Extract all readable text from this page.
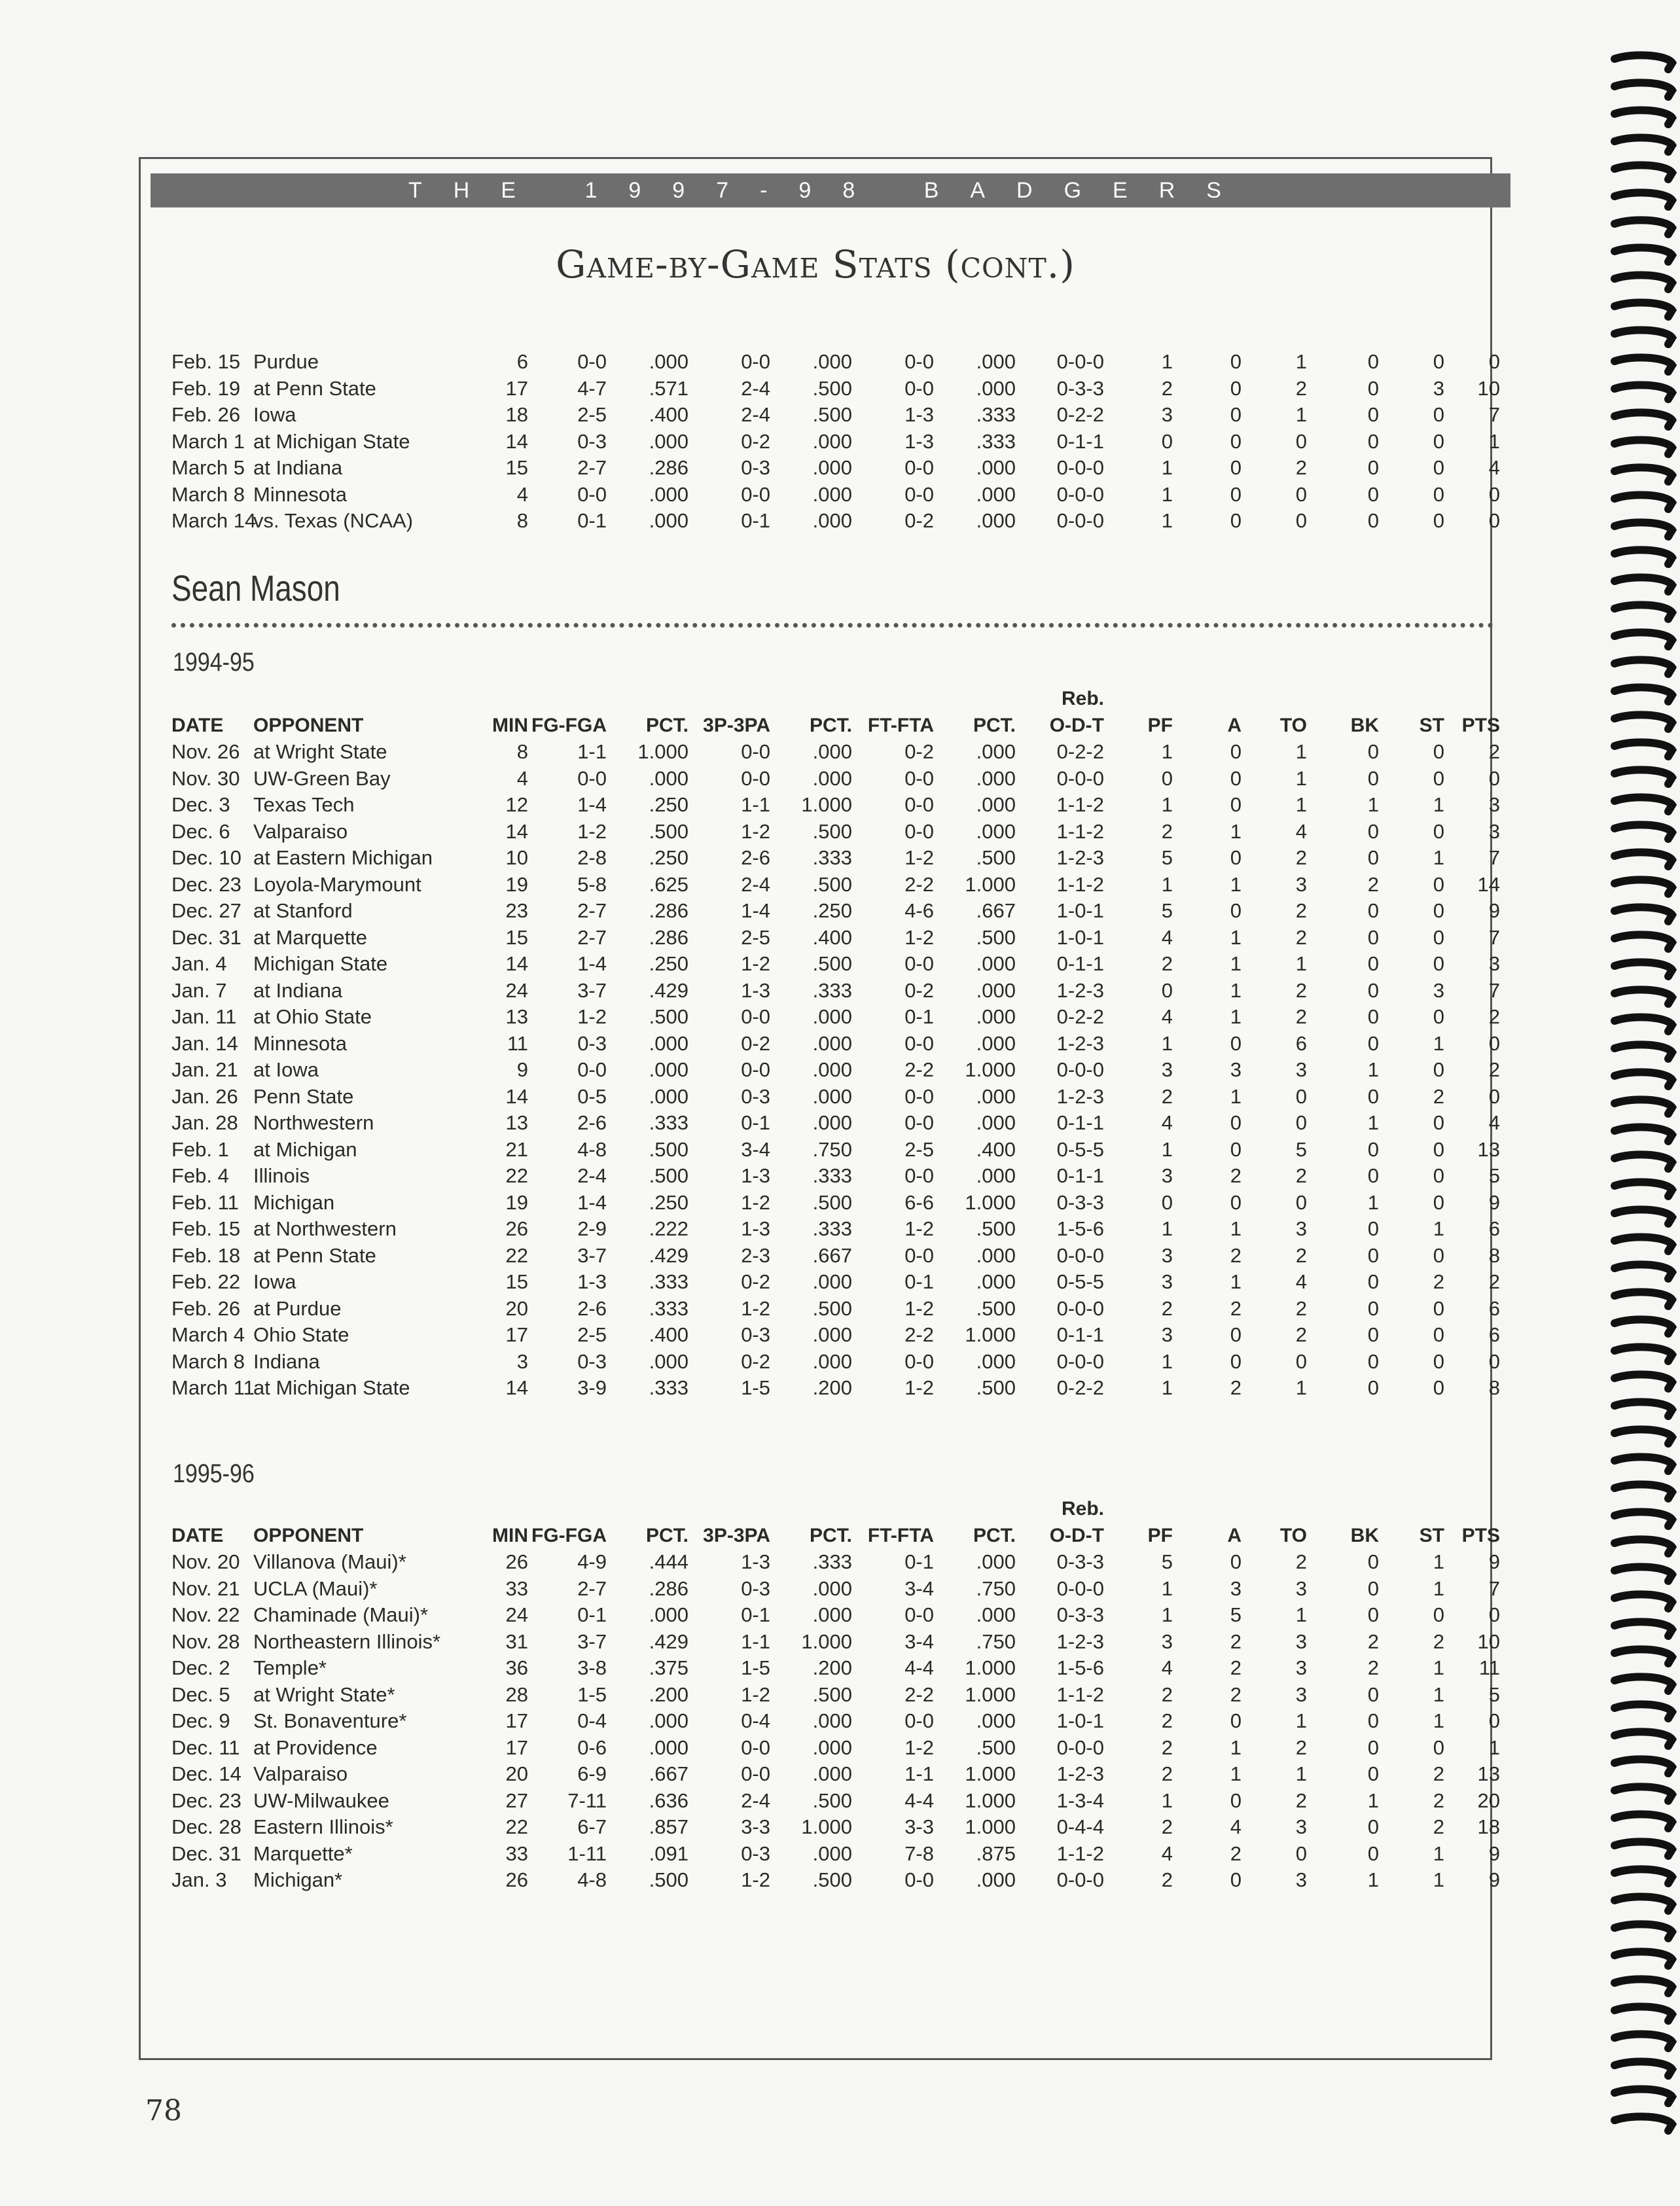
THE 1997-98 BADGERS
Game-by-Game Stats (cont.)
Feb. 15	Purdue	6	0-0	.000	0-0	.000	0-0	.000	0-0-0	1	0	1	0	0	0
Feb. 19	at Penn State	17	4-7	.571	2-4	.500	0-0	.000	0-3-3	2	0	2	0	3	10
Feb. 26	Iowa	18	2-5	.400	2-4	.500	1-3	.333	0-2-2	3	0	1	0	0	7
March 1	at Michigan State	14	0-3	.000	0-2	.000	1-3	.333	0-1-1	0	0	0	0	0	1
March 5	at Indiana	15	2-7	.286	0-3	.000	0-0	.000	0-0-0	1	0	2	0	0	4
March 8	Minnesota	4	0-0	.000	0-0	.000	0-0	.000	0-0-0	1	0	0	0	0	0
March 14	vs. Texas (NCAA)	8	0-1	.000	0-1	.000	0-2	.000	0-0-0	1	0	0	0	0	0
Sean Mason
1994-95
									Reb.						
DATE	OPPONENT	MIN	FG-FGA	PCT.	3P-3PA	PCT.	FT-FTA	PCT.	O-D-T	PF	A	TO	BK	ST	PTS
Nov. 26	at Wright State	8	1-1	1.000	0-0	.000	0-2	.000	0-2-2	1	0	1	0	0	2
Nov. 30	UW-Green Bay	4	0-0	.000	0-0	.000	0-0	.000	0-0-0	0	0	1	0	0	0
Dec. 3	Texas Tech	12	1-4	.250	1-1	1.000	0-0	.000	1-1-2	1	0	1	1	1	3
Dec. 6	Valparaiso	14	1-2	.500	1-2	.500	0-0	.000	1-1-2	2	1	4	0	0	3
Dec. 10	at Eastern Michigan	10	2-8	.250	2-6	.333	1-2	.500	1-2-3	5	0	2	0	1	7
Dec. 23	Loyola-Marymount	19	5-8	.625	2-4	.500	2-2	1.000	1-1-2	1	1	3	2	0	14
Dec. 27	at Stanford	23	2-7	.286	1-4	.250	4-6	.667	1-0-1	5	0	2	0	0	9
Dec. 31	at Marquette	15	2-7	.286	2-5	.400	1-2	.500	1-0-1	4	1	2	0	0	7
Jan. 4	Michigan State	14	1-4	.250	1-2	.500	0-0	.000	0-1-1	2	1	1	0	0	3
Jan. 7	at Indiana	24	3-7	.429	1-3	.333	0-2	.000	1-2-3	0	1	2	0	3	7
Jan. 11	at Ohio State	13	1-2	.500	0-0	.000	0-1	.000	0-2-2	4	1	2	0	0	2
Jan. 14	Minnesota	11	0-3	.000	0-2	.000	0-0	.000	1-2-3	1	0	6	0	1	0
Jan. 21	at Iowa	9	0-0	.000	0-0	.000	2-2	1.000	0-0-0	3	3	3	1	0	2
Jan. 26	Penn State	14	0-5	.000	0-3	.000	0-0	.000	1-2-3	2	1	0	0	2	0
Jan. 28	Northwestern	13	2-6	.333	0-1	.000	0-0	.000	0-1-1	4	0	0	1	0	4
Feb. 1	at Michigan	21	4-8	.500	3-4	.750	2-5	.400	0-5-5	1	0	5	0	0	13
Feb. 4	Illinois	22	2-4	.500	1-3	.333	0-0	.000	0-1-1	3	2	2	0	0	5
Feb. 11	Michigan	19	1-4	.250	1-2	.500	6-6	1.000	0-3-3	0	0	0	1	0	9
Feb. 15	at Northwestern	26	2-9	.222	1-3	.333	1-2	.500	1-5-6	1	1	3	0	1	6
Feb. 18	at Penn State	22	3-7	.429	2-3	.667	0-0	.000	0-0-0	3	2	2	0	0	8
Feb. 22	Iowa	15	1-3	.333	0-2	.000	0-1	.000	0-5-5	3	1	4	0	2	2
Feb. 26	at Purdue	20	2-6	.333	1-2	.500	1-2	.500	0-0-0	2	2	2	0	0	6
March 4	Ohio State	17	2-5	.400	0-3	.000	2-2	1.000	0-1-1	3	0	2	0	0	6
March 8	Indiana	3	0-3	.000	0-2	.000	0-0	.000	0-0-0	1	0	0	0	0	0
March 11	at Michigan State	14	3-9	.333	1-5	.200	1-2	.500	0-2-2	1	2	1	0	0	8
1995-96
									Reb.						
DATE	OPPONENT	MIN	FG-FGA	PCT.	3P-3PA	PCT.	FT-FTA	PCT.	O-D-T	PF	A	TO	BK	ST	PTS
Nov. 20	Villanova (Maui)*	26	4-9	.444	1-3	.333	0-1	.000	0-3-3	5	0	2	0	1	9
Nov. 21	UCLA (Maui)*	33	2-7	.286	0-3	.000	3-4	.750	0-0-0	1	3	3	0	1	7
Nov. 22	Chaminade (Maui)*	24	0-1	.000	0-1	.000	0-0	.000	0-3-3	1	5	1	0	0	0
Nov. 28	Northeastern Illinois*	31	3-7	.429	1-1	1.000	3-4	.750	1-2-3	3	2	3	2	2	10
Dec. 2	Temple*	36	3-8	.375	1-5	.200	4-4	1.000	1-5-6	4	2	3	2	1	11
Dec. 5	at Wright State*	28	1-5	.200	1-2	.500	2-2	1.000	1-1-2	2	2	3	0	1	5
Dec. 9	St. Bonaventure*	17	0-4	.000	0-4	.000	0-0	.000	1-0-1	2	0	1	0	1	0
Dec. 11	at Providence	17	0-6	.000	0-0	.000	1-2	.500	0-0-0	2	1	2	0	0	1
Dec. 14	Valparaiso	20	6-9	.667	0-0	.000	1-1	1.000	1-2-3	2	1	1	0	2	13
Dec. 23	UW-Milwaukee	27	7-11	.636	2-4	.500	4-4	1.000	1-3-4	1	0	2	1	2	20
Dec. 28	Eastern Illinois*	22	6-7	.857	3-3	1.000	3-3	1.000	0-4-4	2	4	3	0	2	18
Dec. 31	Marquette*	33	1-11	.091	0-3	.000	7-8	.875	1-1-2	4	2	0	0	1	9
Jan. 3	Michigan*	26	4-8	.500	1-2	.500	0-0	.000	0-0-0	2	0	3	1	1	9
78
